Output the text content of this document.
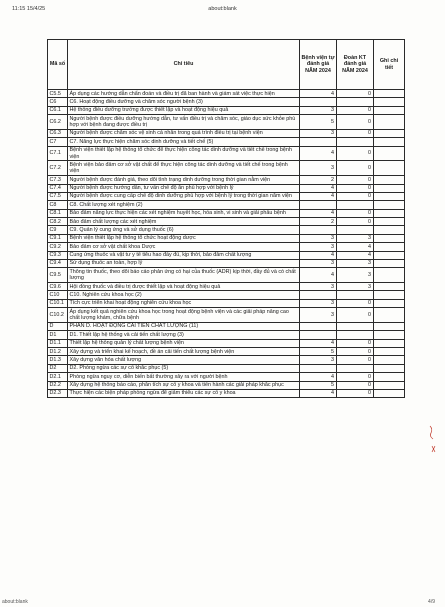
11:15 15/4/25	about:blank
Mã số	Chỉ tiêu	Bệnh viện tự đánh giá NĂM 2024	Đoàn KT đánh giá NĂM 2024	Ghi chi tiết
C5.5	Áp dụng các hướng dẫn chẩn đoán và điều trị đã ban hành và giám sát việc thực hiện	4	0	
C6	C6. Hoạt động điều dưỡng và chăm sóc người bệnh (3)			
C6.1	Hệ thống điều dưỡng trưởng được thiết lập và hoạt động hiệu quả	3	0	
C6.2	Người bệnh được điều dưỡng hướng dẫn, tư vấn điều trị và chăm sóc, giáo dục sức khỏe phù hợp với bệnh đang được điều trị	5	0	
C6.3	Người bệnh được chăm sóc vệ sinh cá nhân trong quá trình điều trị tại bệnh viện	3	0	
C7	C7. Năng lực thực hiện chăm sóc dinh dưỡng và tiết chế (5)			
C7.1	Bệnh viện thiết lập hệ thống tổ chức để thực hiện công tác dinh dưỡng và tiết chế trong bệnh viện	4	0	
C7.2	Bệnh viện bảo đảm cơ sở vật chất để thực hiện công tác dinh dưỡng và tiết chế trong bệnh viện	3	0	
C7.3	Người bệnh được đánh giá, theo dõi tình trạng dinh dưỡng trong thời gian nằm viện	2	0	
C7.4	Người bệnh được hướng dẫn, tư vấn chế độ ăn phù hợp với bệnh lý	4	0	
C7.5	Người bệnh được cung cấp chế độ dinh dưỡng phù hợp với bệnh lý trong thời gian nằm viện	4	0	
C8	C8. Chất lượng xét nghiệm (2)			
C8.1	Bảo đảm năng lực thực hiện các xét nghiệm huyết học, hóa sinh, vi sinh và giải phẫu bệnh	4	0	
C8.2	Bảo đảm chất lượng các xét nghiệm	2	0	
C9	C9. Quản lý cung ứng và sử dụng thuốc (6)			
C9.1	Bệnh viện thiết lập hệ thống tổ chức hoạt động dược	3	3	
C9.2	Bảo đảm cơ sở vật chất khoa Dược	3	4	
C9.3	Cung ứng thuốc và vật tư y tế tiêu hao đầy đủ, kịp thời, bảo đảm chất lượng	4	4	
C9.4	Sử dụng thuốc an toàn, hợp lý	3	3	
C9.5	Thông tin thuốc, theo dõi báo cáo phản ứng có hại của thuốc (ADR) kịp thời, đầy đủ và có chất lượng	4	3	
C9.6	Hội đồng thuốc và điều trị được thiết lập và hoạt động hiệu quả	3	3	
C10	C10. Nghiên cứu khoa học (2)			
C10.1	Tích cực triển khai hoạt động nghiên cứu khoa học	3	0	
C10.2	Áp dụng kết quả nghiên cứu khoa học trong hoạt động bệnh viện và các giải pháp nâng cao chất lượng khám, chữa bệnh	3	0	
D	PHẦN D. HOẠT ĐỘNG CẢI TIẾN CHẤT LƯỢNG (11)			
D1	D1. Thiết lập hệ thống và cải tiến chất lượng (3)			
D1.1	Thiết lập hệ thống quản lý chất lượng bệnh viện	4	0	
D1.2	Xây dựng và triển khai kế hoạch, đề án cải tiến chất lượng bệnh viện	5	0	
D1.3	Xây dựng văn hóa chất lượng	3	0	
D2	D2. Phòng ngừa các sự cố khắc phục (5)			
D2.1	Phòng ngừa nguy cơ, diễn biến bất thường xảy ra với người bệnh	4	0	
D2.2	Xây dựng hệ thống báo cáo, phân tích sự cố y khoa và tiến hành các giải pháp khắc phục	5	0	
D2.3	Thực hiện các biện pháp phòng ngừa để giảm thiểu các sự cố y khoa	4	0	
about:blank	4/9
